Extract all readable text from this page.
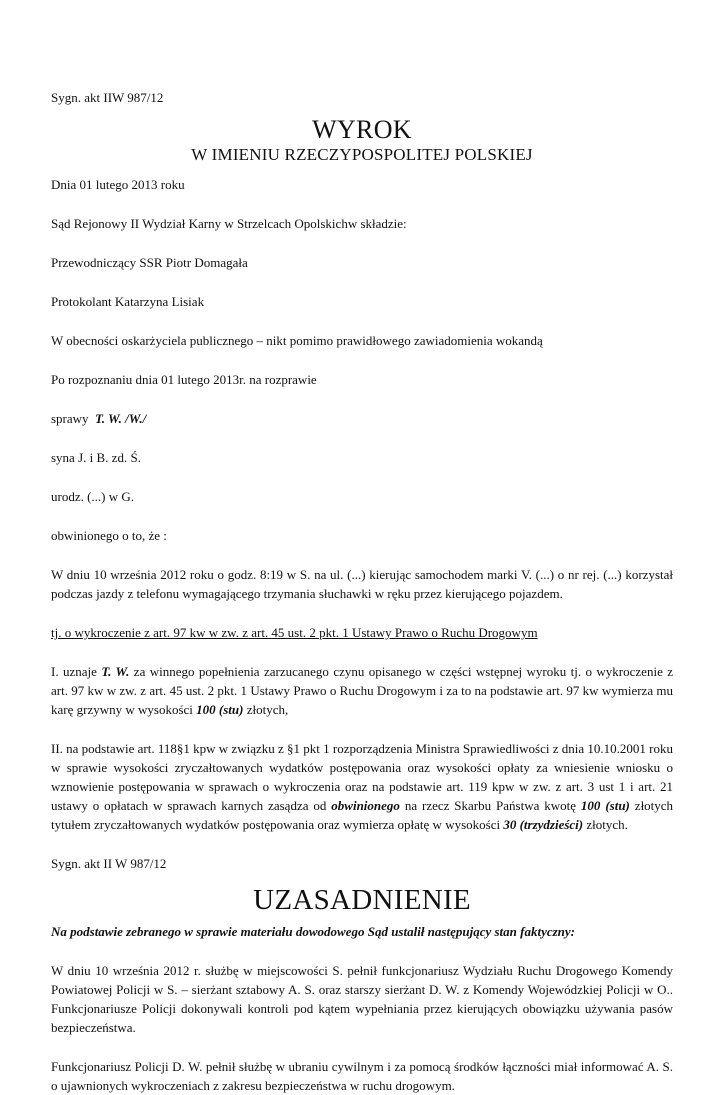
Sygn. akt IIW 987/12

WYROK

W IMIENIU RZECZYPOSPOLITEJ POLSKIEJ

Dnia 01 lutego 2013 roku

Sąd Rejonowy II Wydział Karny w Strzelcach Opolskichw składzie:

Przewodniczący SSR Piotr Domagała

Protokolant Katarzyna Lisiak

W obecności oskarżyciela publicznego – nikt pomimo prawidłowego zawiadomienia wokandą

Po rozpoznaniu dnia 01 lutego 2013r. na rozprawie

sprawy T. W. /W./

syna J. i B. zd. Ś.

urodz. (...) w G.

obwinionego o to, że :

W dniu 10 września 2012 roku o godz. 8:19 w S. na ul. (...) kierując samochodem marki V. (...) o nr rej. (...) korzystał podczas jazdy z telefonu wymagającego trzymania słuchawki w ręku przez kierującego pojazdem.

tj. o wykroczenie z art. 97 kw w zw. z art. 45 ust. 2 pkt. 1 Ustawy Prawo o Ruchu Drogowym

I. uznaje T. W. za winnego popełnienia zarzucanego czynu opisanego w części wstępnej wyroku tj. o wykroczenie z art. 97 kw w zw. z art. 45 ust. 2 pkt. 1 Ustawy Prawo o Ruchu Drogowym i za to na podstawie art. 97 kw wymierza mu karę grzywny w wysokości 100 (stu) złotych,

II. na podstawie art. 118§1 kpw w związku z §1 pkt 1 rozporządzenia Ministra Sprawiedliwości z dnia 10.10.2001 roku w sprawie wysokości zryczałtowanych wydatków postępowania oraz wysokości opłaty za wniesienie wniosku o wznowienie postępowania w sprawach o wykroczenia oraz na podstawie art. 119 kpw w zw. z art. 3 ust 1 i art. 21 ustawy o opłatach w sprawach karnych zasądza od obwinionego na rzecz Skarbu Państwa kwotę 100 (stu) złotych tytułem zryczałtowanych wydatków postępowania oraz wymierza opłatę w wysokości 30 (trzydzieści) złotych.

Sygn. akt II W 987/12

UZASADNIENIE

Na podstawie zebranego w sprawie materiału dowodowego Sąd ustalił następujący stan faktyczny:

W dniu 10 września 2012 r. służbę w miejscowości S. pełnił funkcjonariusz Wydziału Ruchu Drogowego Komendy Powiatowej Policji w S. – sierżant sztabowy A. S. oraz starszy sierżant D. W. z Komendy Wojewódzkiej Policji w O.. Funkcjonariusze Policji dokonywali kontroli pod kątem wypełniania przez kierujących obowiązku używania pasów bezpieczeństwa.

Funkcjonariusz Policji D. W. pełnił służbę w ubraniu cywilnym i za pomocą środków łączności miał informować A. S. o ujawnionych wykroczeniach z zakresu bezpieczeństwa w ruchu drogowym.
